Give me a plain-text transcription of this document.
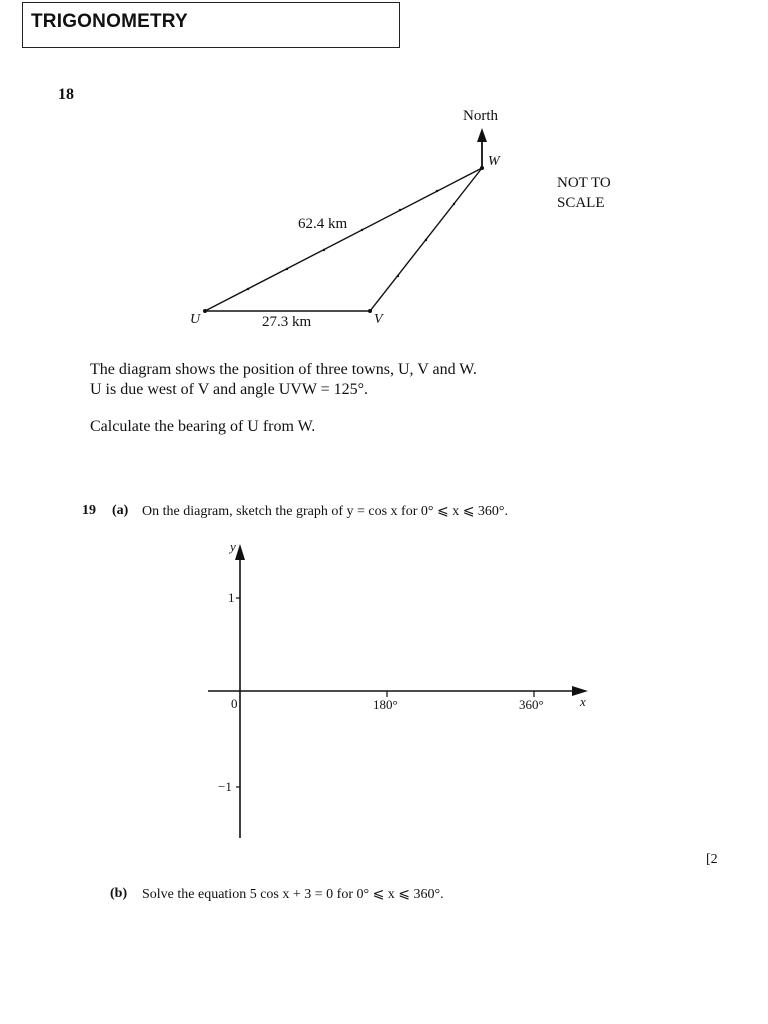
TRIGONOMETRY
18
North
W
U	V
62.4 km
27.3 km
NOT TO
SCALE
The diagram shows the position of three towns, U, V and W.
U is due west of V and angle UVW = 125°.
Calculate the bearing of U from W.
19 (a) On the diagram, sketch the graph of y = cos x for 0° ⩽ x ⩽ 360°.
y
x
1
−1
0	180°	360°
[2
(b) Solve the equation 5 cos x + 3 = 0 for 0° ⩽ x ⩽ 360°.
